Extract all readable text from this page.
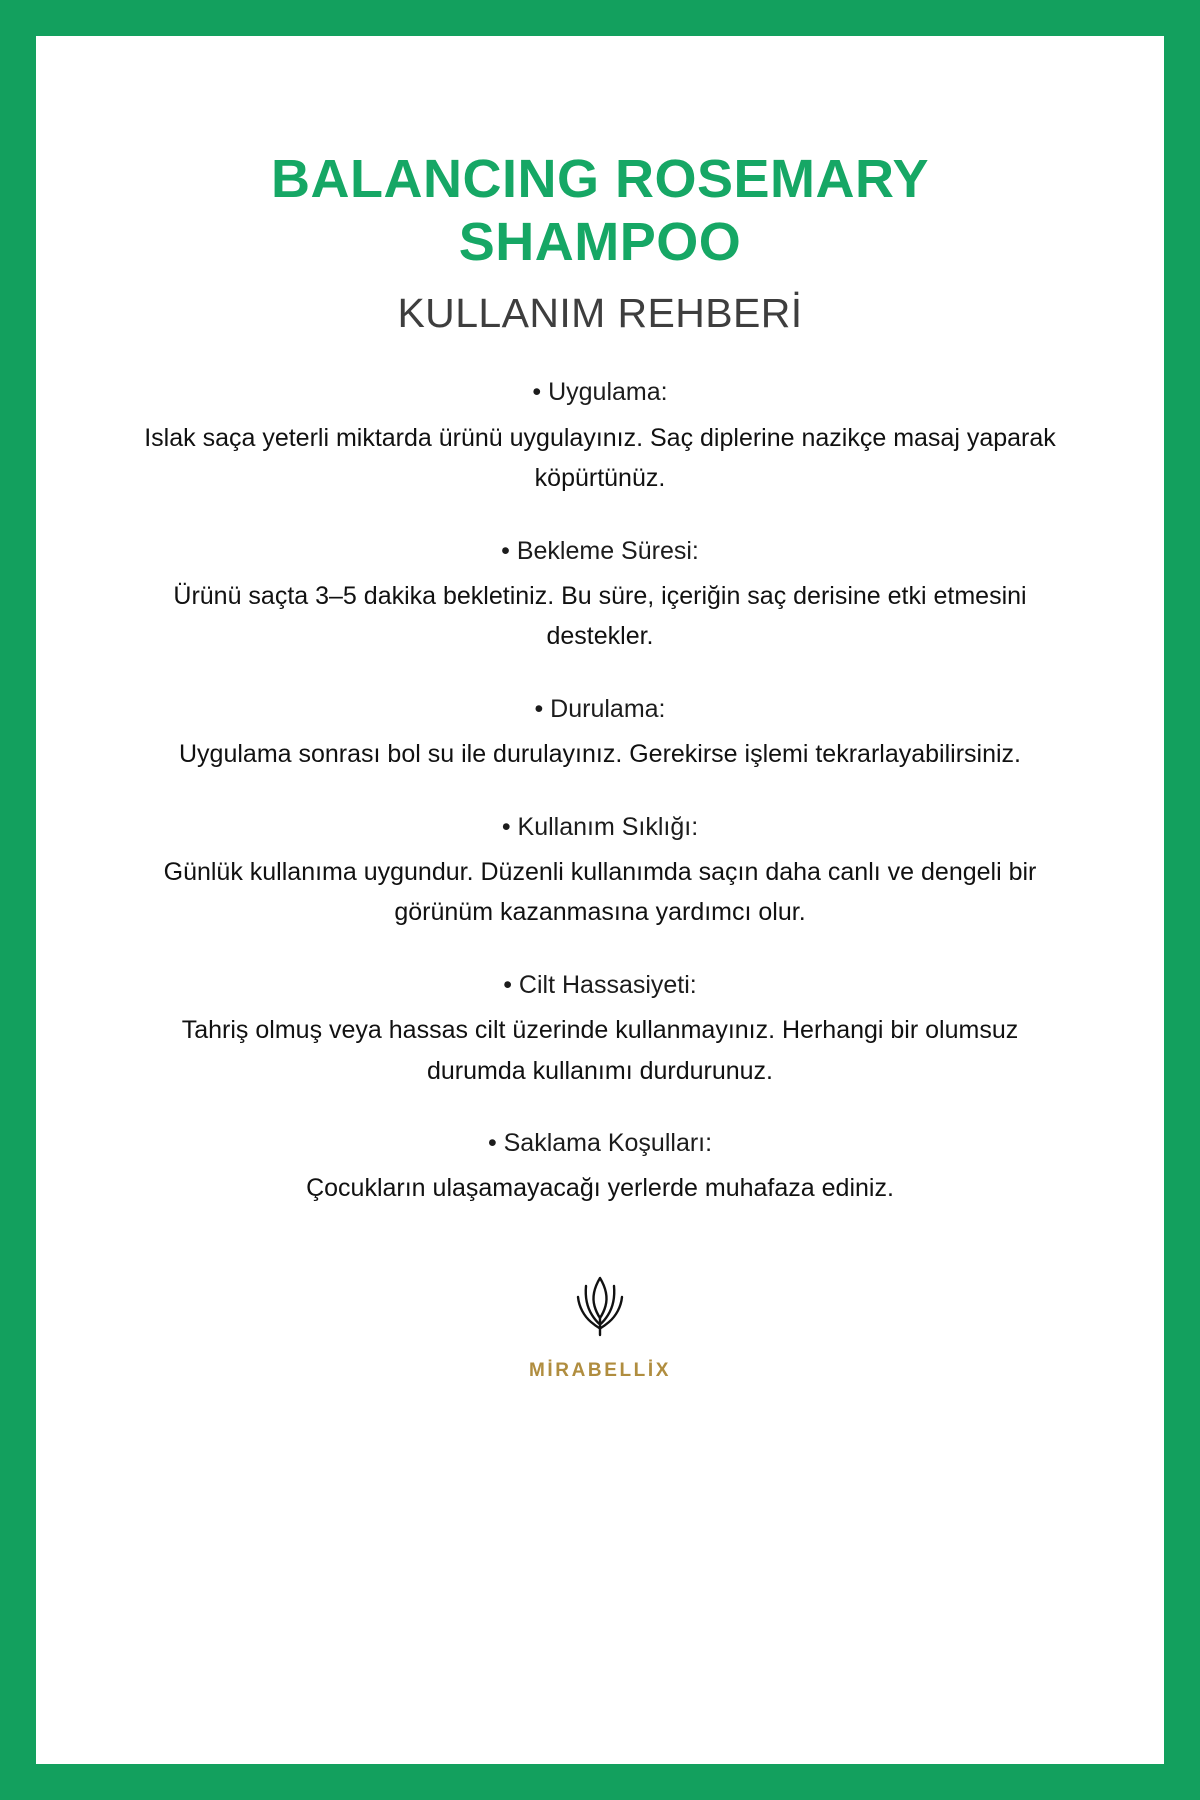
BALANCING ROSEMARY
SHAMPOO
KULLANIM REHBERİ
• Uygulama:
Islak saça yeterli miktarda ürünü uygulayınız. Saç diplerine nazikçe masaj yaparak köpürtünüz.
• Bekleme Süresi:
Ürünü saçta 3–5 dakika bekletiniz. Bu süre, içeriğin saç derisine etki etmesini destekler.
• Durulama:
Uygulama sonrası bol su ile durulayınız. Gerekirse işlemi tekrarlayabilirsiniz.
• Kullanım Sıklığı:
Günlük kullanıma uygundur. Düzenli kullanımda saçın daha canlı ve dengeli bir görünüm kazanmasına yardımcı olur.
• Cilt Hassasiyeti:
Tahriş olmuş veya hassas cilt üzerinde kullanmayınız. Herhangi bir olumsuz durumda kullanımı durdurunuz.
• Saklama Koşulları:
Çocukların ulaşamayacağı yerlerde muhafaza ediniz.
MİRABELLİX
